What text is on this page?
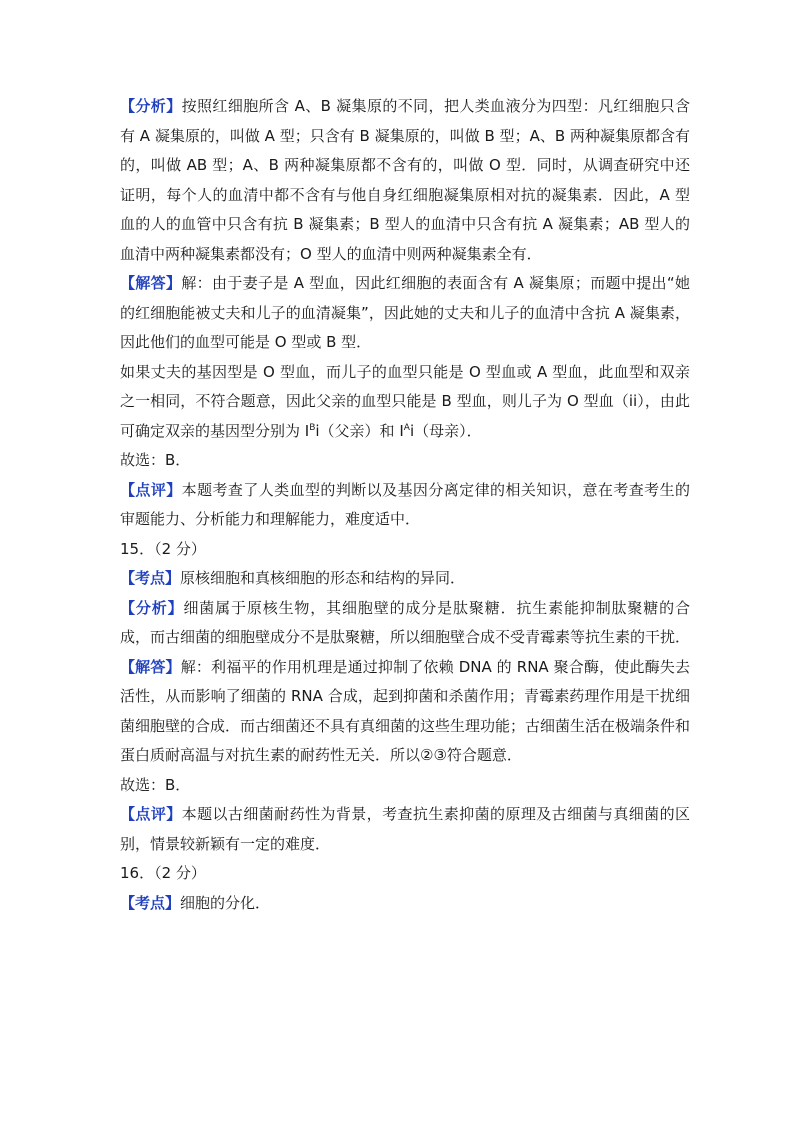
【分析】按照红细胞所含 A、B 凝集原的不同，把人类血液分为四型：凡红细胞只含有 A 凝集原的，叫做 A 型；只含有 B 凝集原的，叫做 B 型；A、B 两种凝集原都含有的，叫做 AB 型；A、B 两种凝集原都不含有的，叫做 O 型．同时，从调查研究中还证明，每个人的血清中都不含有与他自身红细胞凝集原相对抗的凝集素．因此，A 型血的人的血管中只含有抗 B 凝集素；B 型人的血清中只含有抗 A 凝集素；AB 型人的血清中两种凝集素都没有；O 型人的血清中则两种凝集素全有．

【解答】解：由于妻子是 A 型血，因此红细胞的表面含有 A 凝集原；而题中提出“她的红细胞能被丈夫和儿子的血清凝集”，因此她的丈夫和儿子的血清中含抗 A 凝集素，因此他们的血型可能是 O 型或 B 型．

如果丈夫的基因型是 O 型血，而儿子的血型只能是 O 型血或 A 型血，此血型和双亲之一相同，不符合题意，因此父亲的血型只能是 B 型血，则儿子为 O 型血（ii），由此可确定双亲的基因型分别为 $I^Bi$（父亲）和 $I^Ai$（母亲）．

故选：B．

【点评】本题考查了人类血型的判断以及基因分离定律的相关知识，意在考查考生的审题能力、分析能力和理解能力，难度适中．

15．（2 分）

【考点】原核细胞和真核细胞的形态和结构的异同．

【分析】细菌属于原核生物，其细胞壁的成分是肽聚糖．抗生素能抑制肽聚糖的合成，而古细菌的细胞壁成分不是肽聚糖，所以细胞壁合成不受青霉素等抗生素的干扰．

【解答】解：利福平的作用机理是通过抑制了依赖 DNA 的 RNA 聚合酶，使此酶失去活性，从而影响了细菌的 RNA 合成，起到抑菌和杀菌作用；青霉素药理作用是干扰细菌细胞壁的合成．而古细菌还不具有真细菌的这些生理功能；古细菌生活在极端条件和蛋白质耐高温与对抗生素的耐药性无关．所以②③符合题意．

故选：B．

【点评】本题以古细菌耐药性为背景，考查抗生素抑菌的原理及古细菌与真细菌的区别，情景较新颖有一定的难度．

16．（2 分）

【考点】细胞的分化．
